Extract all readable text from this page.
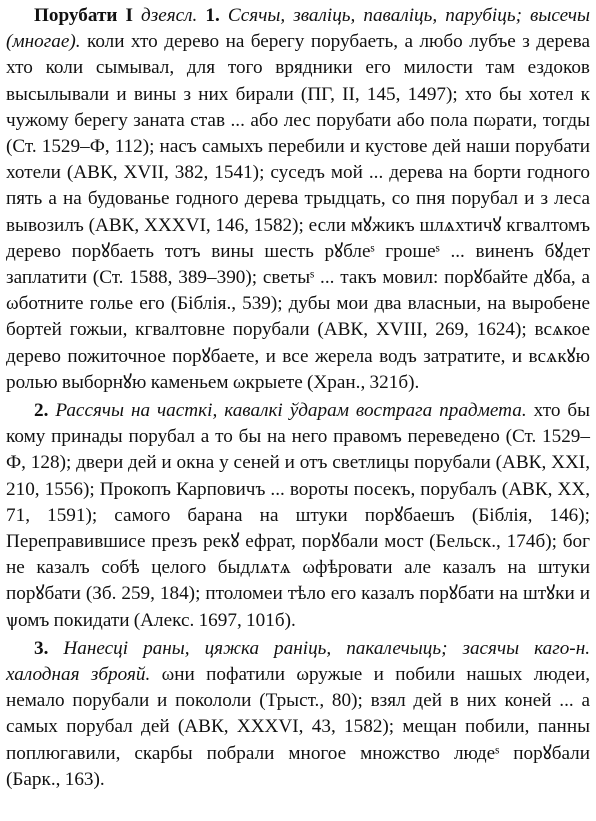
Порубати I дзеясл. 1. Ссячы, зваліць, паваліць, парубіць; высечы (многае). коли хто дерево на берегу порубаеть, а любо лубъе з дерева хто коли сымывал, для того врядники его милости там ездоков высылывали и вины з них бирали (ПГ, II, 145, 1497); хто бы хотел к чужому берегу заната став ... або лес порубати або пола пωрати, тогды (Ст. 1529–Ф, 112); насъ самыхъ перебили и кустове дей наши порубати хотели (АВК, XVII, 382, 1541); суседъ мой ... дерева на борти годного пять а на будованье годного дерева трыдцать, со пня порубал и з леса вывозилъ (АВК, XXXVI, 146, 1582); если мꙋжикъ шлѧхтичꙋ кгвалтомъ дерево порꙋбаеть тотъ вины шесть рꙋблеˢ грошеˢ ... виненъ бꙋдет заплатити (Ст. 1588, 389–390); светыˢ ... такъ мовил: порꙋбайте дꙋба, а ωботните голье его (Біблія., 539); дубы мои два власныи, на выробене бортей гожыи, кгвалтовне порубали (АВК, XVIII, 269, 1624); всѧкое дерево пожиточное порꙋбаете, и все жерела водъ затратите, и всѧкꙋю ролью выборнꙋю каменьем ωкрыете (Хран., 321б).

2. Рассячы на часткі, кавалкі ўдарам вострага прадмета. хто бы кому принады порубал а то бы на него правомъ переведено (Ст. 1529–Ф, 128); двери дей и окна у сеней и отъ светлицы порубали (АВК, XXI, 210, 1556); Прокопъ Карповичъ ... вороты посекъ, порубалъ (АВК, XX, 71, 1591); самого барана на штуки порꙋбаешъ (Біблія, 146); Переправившисе презъ рекꙋ ефрат, порꙋбали мост (Бельск., 174б); бог не казалъ собѣ целого быдлѧтѧ ωфѣровати але казалъ на штуки порꙋбати (Зб. 259, 184); птоломеи тѣло его казалъ порꙋбати на штꙋки и ѱомъ покидати (Алекс. 1697, 101б).

3. Нанесці раны, цяжка раніць, пакалечыць; засячы каго-н. халодная зброяй. ωни пофатили ωружые и побили нашых людеи, немало порубали и покололи (Трыст., 80); взял дей в них коней ... а самых порубал дей (АВК, XXXVI, 43, 1582); мещан побили, панны поплюгавили, скарбы побрали многое множство людеˢ порꙋбали (Барк., 163).
